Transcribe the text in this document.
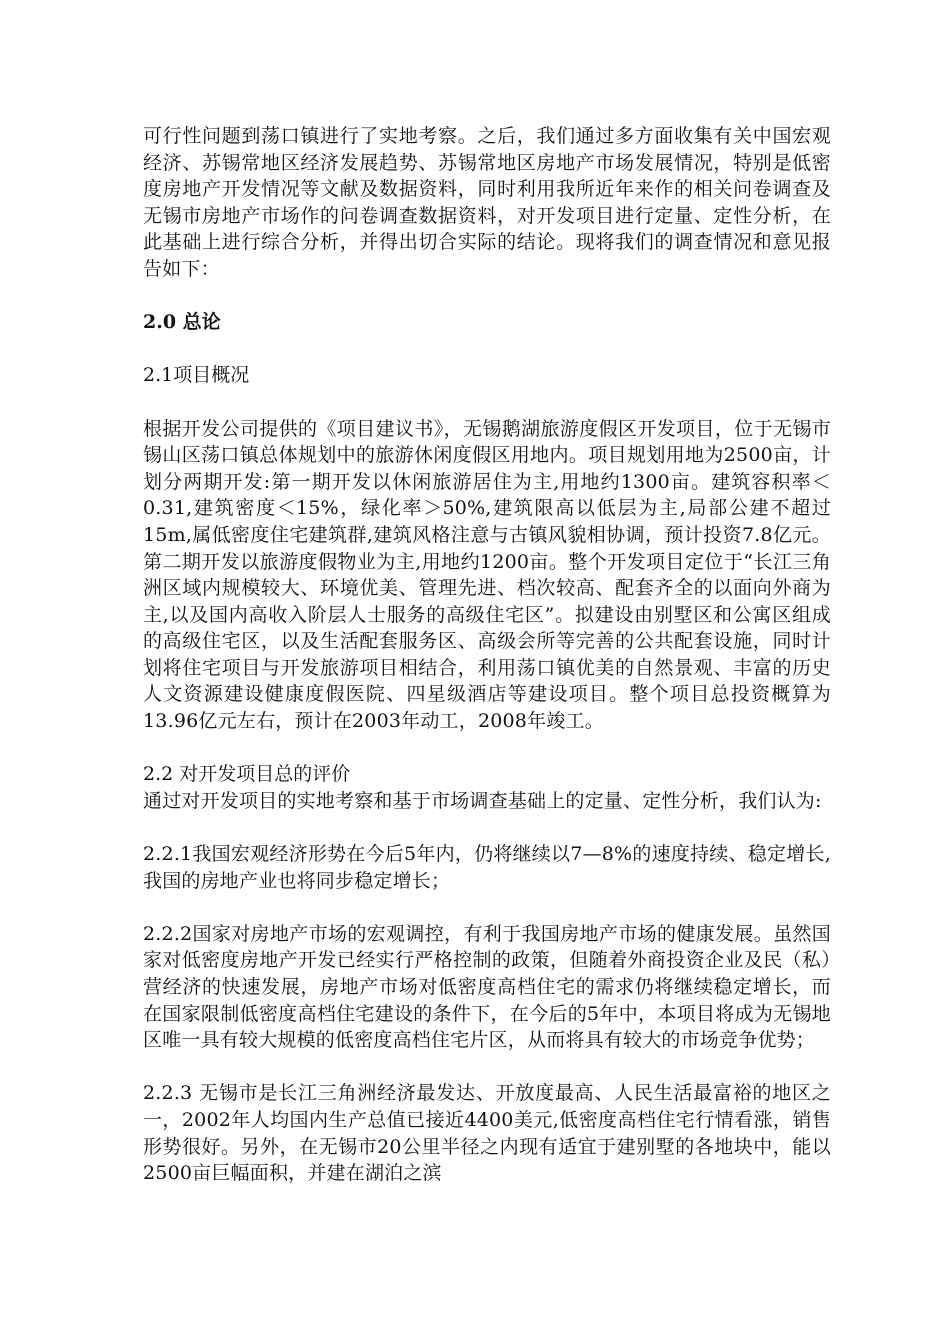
可行性问题到荡口镇进行了实地考察。之后，我们通过多方面收集有关中国宏观经济、苏锡常地区经济发展趋势、苏锡常地区房地产市场发展情况，特别是低密度房地产开发情况等文献及数据资料，同时利用我所近年来作的相关问卷调查及无锡市房地产市场作的问卷调查数据资料，对开发项目进行定量、定性分析，在此基础上进行综合分析，并得出切合实际的结论。现将我们的调查情况和意见报告如下：

2.0 总论

2.1项目概况

根据开发公司提供的《项目建议书》，无锡鹅湖旅游度假区开发项目，位于无锡市锡山区荡口镇总体规划中的旅游休闲度假区用地内。项目规划用地为2500亩，计划分两期开发:第一期开发以休闲旅游居住为主,用地约1300亩。建筑容积率＜0.31,建筑密度＜15%，绿化率＞50%,建筑限高以低层为主,局部公建不超过15m,属低密度住宅建筑群,建筑风格注意与古镇风貌相协调，预计投资7.8亿元。第二期开发以旅游度假物业为主,用地约1200亩。整个开发项目定位于“长江三角洲区域内规模较大、环境优美、管理先进、档次较高、配套齐全的以面向外商为主,以及国内高收入阶层人士服务的高级住宅区”。拟建设由别墅区和公寓区组成的高级住宅区，以及生活配套服务区、高级会所等完善的公共配套设施，同时计划将住宅项目与开发旅游项目相结合，利用荡口镇优美的自然景观、丰富的历史人文资源建设健康度假医院、四星级酒店等建设项目。整个项目总投资概算为13.96亿元左右，预计在2003年动工，2008年竣工。

2.2 对开发项目总的评价

通过对开发项目的实地考察和基于市场调查基础上的定量、定性分析，我们认为:

2.2.1我国宏观经济形势在今后5年内，仍将继续以7—8%的速度持续、稳定增长,我国的房地产业也将同步稳定增长；

2.2.2国家对房地产市场的宏观调控，有利于我国房地产市场的健康发展。虽然国家对低密度房地产开发已经实行严格控制的政策，但随着外商投资企业及民（私）营经济的快速发展，房地产市场对低密度高档住宅的需求仍将继续稳定增长，而在国家限制低密度高档住宅建设的条件下，在今后的5年中，本项目将成为无锡地区唯一具有较大规模的低密度高档住宅片区，从而将具有较大的市场竞争优势；

2.2.3 无锡市是长江三角洲经济最发达、开放度最高、人民生活最富裕的地区之一，2002年人均国内生产总值已接近4400美元,低密度高档住宅行情看涨，销售形势很好。另外，在无锡市20公里半径之内现有适宜于建别墅的各地块中，能以2500亩巨幅面积，并建在湖泊之滨
